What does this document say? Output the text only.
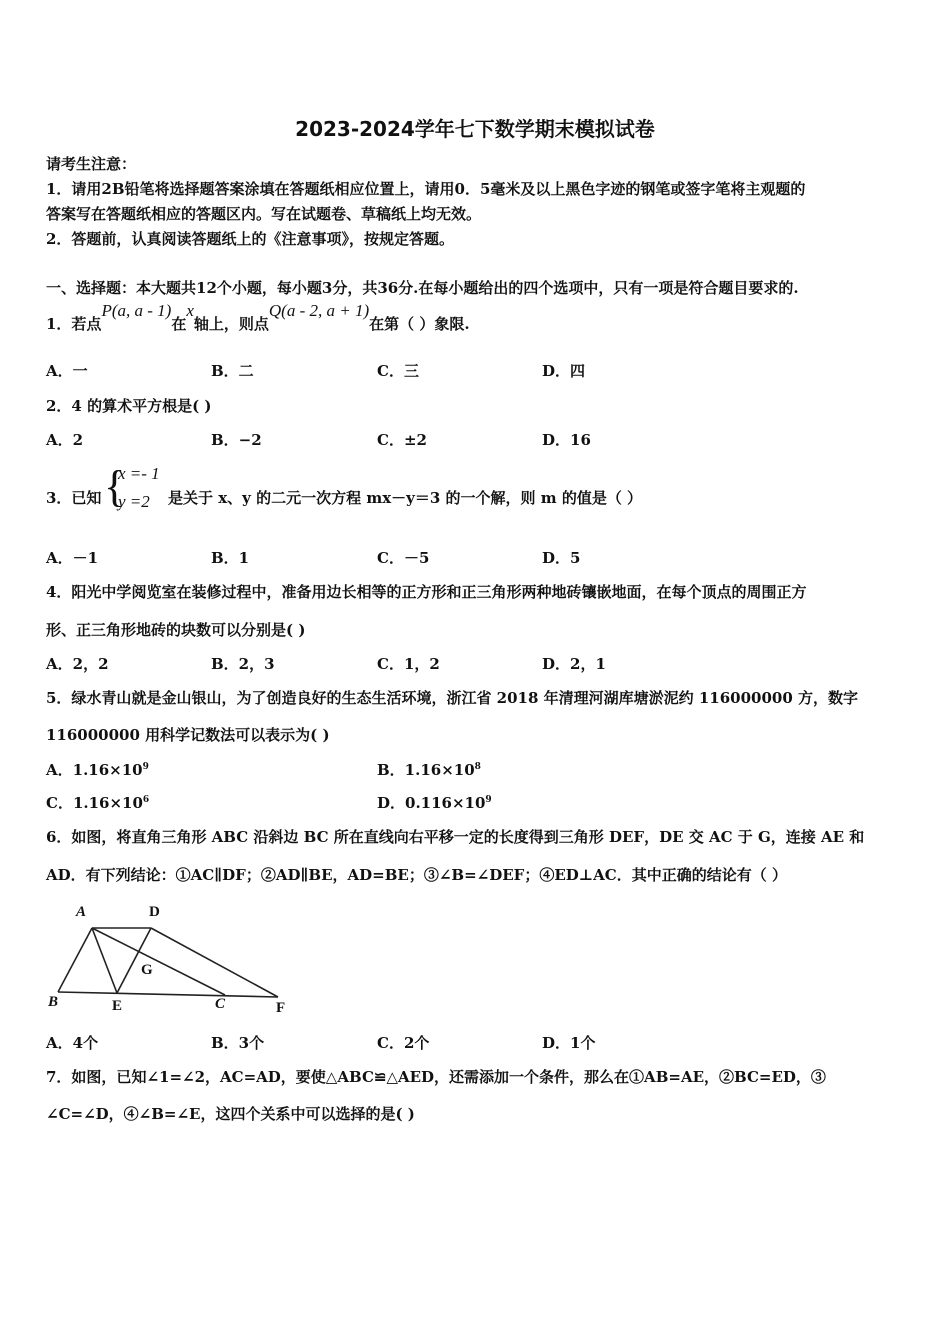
2023-2024学年七下数学期末模拟试卷
请考生注意：
1．请用2B铅笔将选择题答案涂填在答题纸相应位置上，请用0．5毫米及以上黑色字迹的钢笔或签字笔将主观题的
答案写在答题纸相应的答题区内。写在试题卷、草稿纸上均无效。
2．答题前，认真阅读答题纸上的《注意事项》，按规定答题。
一、选择题：本大题共12个小题，每小题3分，共36分.在每小题给出的四个选项中，只有一项是符合题目要求的.
1．若点P(a, a - 1)在x轴上，则点Q(a - 2, a + 1)在第（ ）象限.
A．一	B．二	C．三	D．四
2．4 的算术平方根是( )
A．2	B．−2	C．±2	D．16
3．已知 {
x =- 1
y =2 是关于 x、y 的二元一次方程 mx－y＝3 的一个解，则 m 的值是（ ）
A．－1	B．1	C．－5	D．5
4．阳光中学阅览室在装修过程中，准备用边长相等的正方形和正三角形两种地砖镶嵌地面，在每个顶点的周围正方
形、正三角形地砖的块数可以分别是( )
A．2，2	B．2，3	C．1，2	D．2，1
5．绿水青山就是金山银山，为了创造良好的生态生活环境，浙江省 2018 年清理河湖库塘淤泥约 116000000 方，数字
116000000 用科学记数法可以表示为( )
A．$1.16\times 10^9$	B．$1.16\times 10^8$
C．$1.16\times 10^6$	D．$0.116\times 10^9$
6．如图，将直角三角形 ABC 沿斜边 BC 所在直线向右平移一定的长度得到三角形 DEF，DE 交 AC 于 G，连接 AE 和
AD．有下列结论：①AC∥DF；②AD∥BE，AD=BE；③∠B=∠DEF；④ED⊥AC．其中正确的结论有（ ）
A	D
G
B	E	C	F
A．4个	B．3个	C．2个	D．1个
7．如图，已知∠1=∠2，AC=AD，要使△ABC≌△AED，还需添加一个条件，那么在①AB=AE，②BC=ED，③
∠C=∠D，④∠B=∠E，这四个关系中可以选择的是( )
